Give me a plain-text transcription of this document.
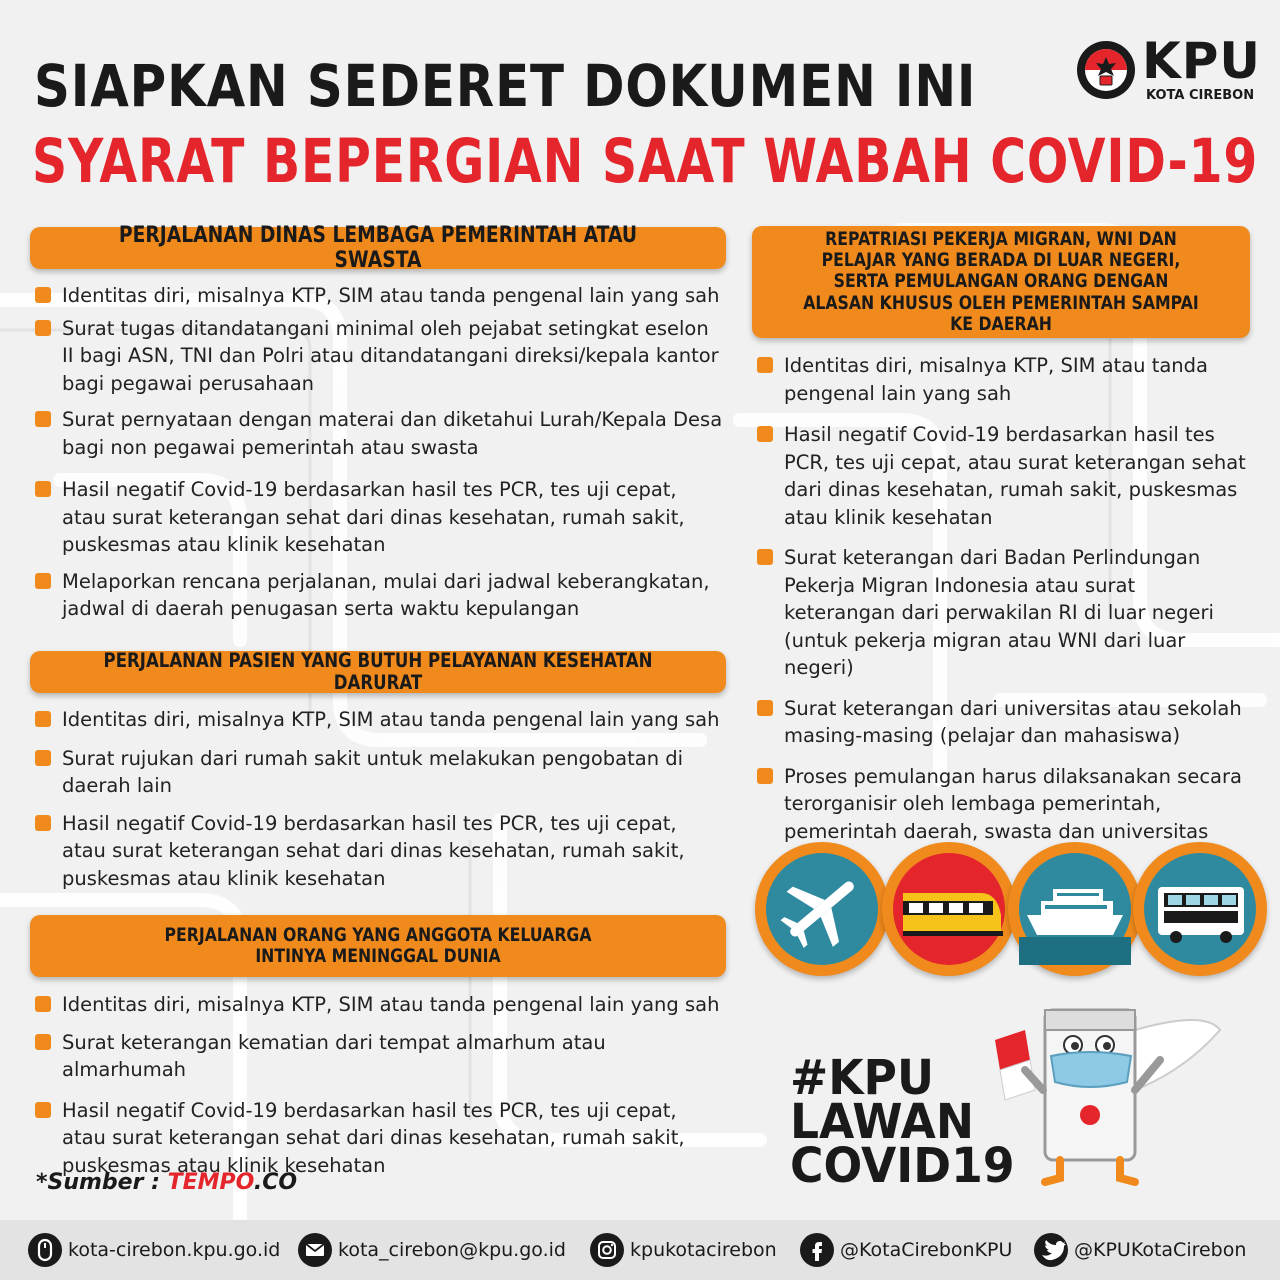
SIAPKAN SEDERET DOKUMEN INI
SYARAT BEPERGIAN SAAT WABAH COVID-19
KPU
KOTA CIREBON
PERJALANAN DINAS LEMBAGA PEMERINTAH ATAU SWASTA
Identitas diri, misalnya KTP, SIM atau tanda pengenal lain yang sah
Surat tugas ditandatangani minimal oleh pejabat setingkat eselon II bagi ASN, TNI dan Polri atau ditandatangani direksi/kepala kantor bagi pegawai perusahaan
Surat pernyataan dengan materai dan diketahui Lurah/Kepala Desa bagi non pegawai pemerintah atau swasta
Hasil negatif Covid-19 berdasarkan hasil tes PCR, tes uji cepat, atau surat keterangan sehat dari dinas kesehatan, rumah sakit, puskesmas atau klinik kesehatan
Melaporkan rencana perjalanan, mulai dari jadwal keberangkatan, jadwal di daerah penugasan serta waktu kepulangan
PERJALANAN PASIEN YANG BUTUH PELAYANAN KESEHATAN DARURAT
Identitas diri, misalnya KTP, SIM atau tanda pengenal lain yang sah
Surat rujukan dari rumah sakit untuk melakukan pengobatan di daerah lain
Hasil negatif Covid-19 berdasarkan hasil tes PCR, tes uji cepat, atau surat keterangan sehat dari dinas kesehatan, rumah sakit, puskesmas atau klinik kesehatan
PERJALANAN ORANG YANG ANGGOTA KELUARGA INTINYA MENINGGAL DUNIA
Identitas diri, misalnya KTP, SIM atau tanda pengenal lain yang sah
Surat keterangan kematian dari tempat almarhum atau almarhumah
Hasil negatif Covid-19 berdasarkan hasil tes PCR, tes uji cepat, atau surat keterangan sehat dari dinas kesehatan, rumah sakit, puskesmas atau klinik kesehatan
REPATRIASI PEKERJA MIGRAN, WNI DAN PELAJAR YANG BERADA DI LUAR NEGERI, SERTA PEMULANGAN ORANG DENGAN ALASAN KHUSUS OLEH PEMERINTAH SAMPAI KE DAERAH
Identitas diri, misalnya KTP, SIM atau tanda pengenal lain yang sah
Hasil negatif Covid-19 berdasarkan hasil tes PCR, tes uji cepat, atau surat keterangan sehat dari dinas kesehatan, rumah sakit, puskesmas atau klinik kesehatan
Surat keterangan dari Badan Perlindungan Pekerja Migran Indonesia atau surat keterangan dari perwakilan RI di luar negeri (untuk pekerja migran atau WNI dari luar negeri)
Surat keterangan dari universitas atau sekolah masing-masing (pelajar dan mahasiswa)
Proses pemulangan harus dilaksanakan secara terorganisir oleh lembaga pemerintah, pemerintah daerah, swasta dan universitas
#KPU
LAWAN
COVID19
*Sumber : TEMPO.CO
kota-cirebon.kpu.go.id	kota_cirebon@kpu.go.id	kpukotacirebon	@KotaCirebonKPU	@KPUKotaCirebon
